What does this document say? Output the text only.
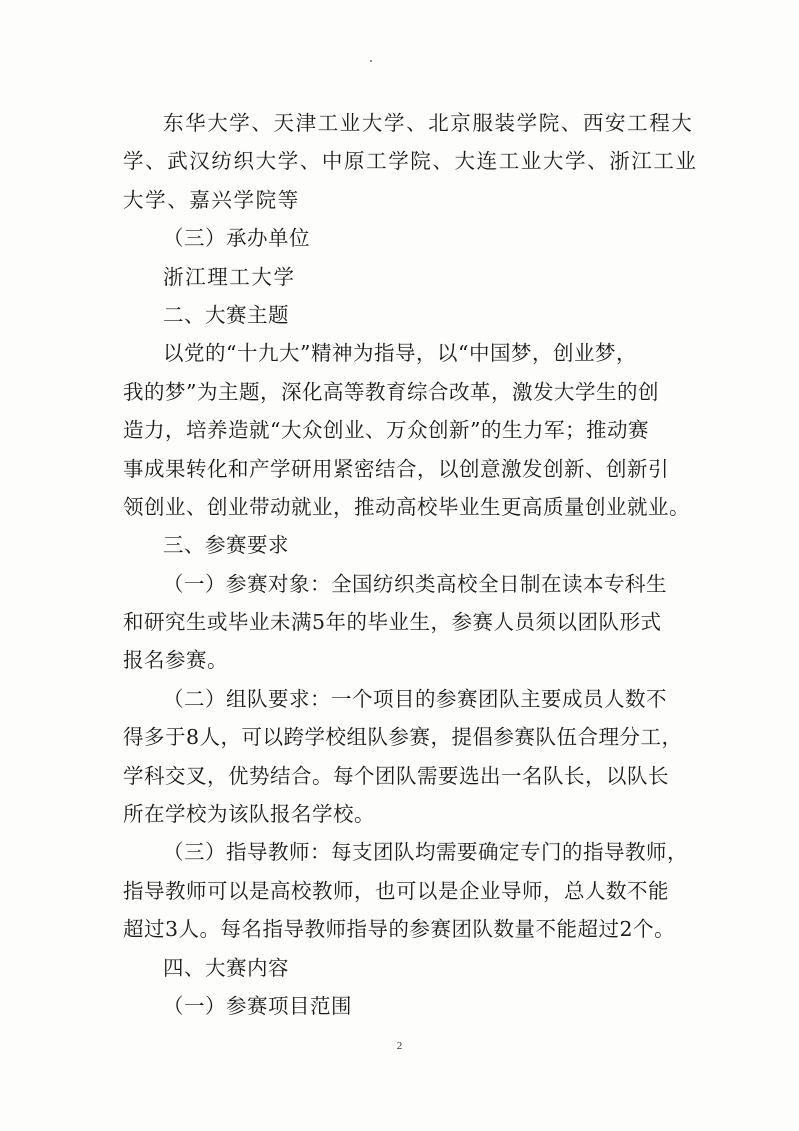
东华大学、天津工业大学、北京服装学院、西安工程大
学、武汉纺织大学、中原工学院、大连工业大学、浙江工业
大学、嘉兴学院等
（三）承办单位
浙江理工大学
二、大赛主题
以党的“十九大”精神为指导，以“中国梦，创业梦，
我的梦”为主题，深化高等教育综合改革，激发大学生的创
造力，培养造就“大众创业、万众创新”的生力军；推动赛
事成果转化和产学研用紧密结合，以创意激发创新、创新引
领创业、创业带动就业，推动高校毕业生更高质量创业就业。
三、参赛要求
（一）参赛对象：全国纺织类高校全日制在读本专科生
和研究生或毕业未满5年的毕业生，参赛人员须以团队形式
报名参赛。
（二）组队要求：一个项目的参赛团队主要成员人数不
得多于8人，可以跨学校组队参赛，提倡参赛队伍合理分工，
学科交叉，优势结合。每个团队需要选出一名队长，以队长
所在学校为该队报名学校。
（三）指导教师：每支团队均需要确定专门的指导教师，
指导教师可以是高校教师，也可以是企业导师，总人数不能
超过3人。每名指导教师指导的参赛团队数量不能超过2个。
四、大赛内容
（一）参赛项目范围
2
